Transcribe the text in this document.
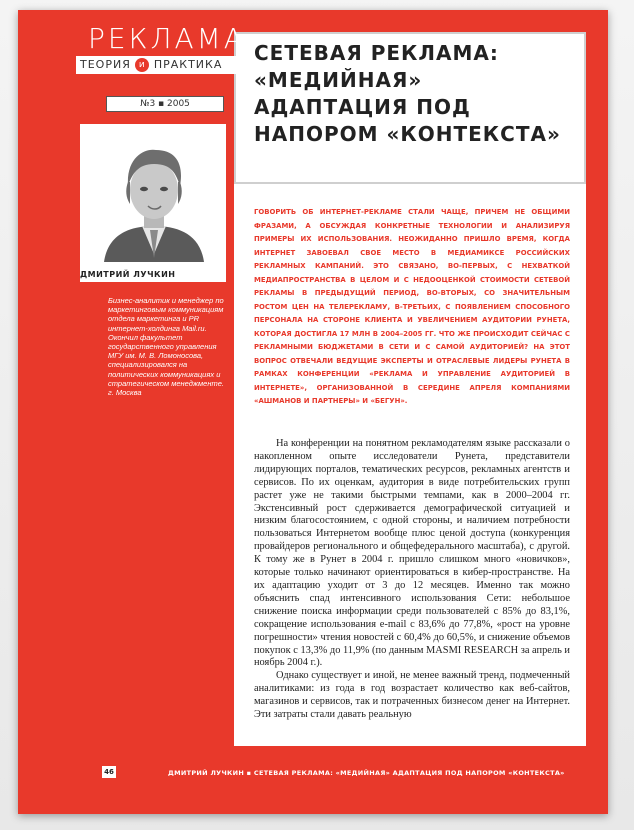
РЕКЛАМА
ТЕОРИЯ и ПРАКТИКА
№3 ▪ 2005
ДМИТРИЙ ЛУЧКИН
Бизнес-аналитик и менеджер по маркетинговым коммуникациям отдела маркетинга и PR интернет-холдинга Mail.ru. Окончил факультет государственного управления МГУ им. М. В. Ломоносова, специализировался на политических коммуникациях и стратегическом менеджменте. г. Москва
СЕТЕВАЯ РЕКЛАМА: «МЕДИЙНАЯ» АДАПТАЦИЯ ПОД НАПОРОМ «КОНТЕКСТА»
ГОВОРИТЬ ОБ ИНТЕРНЕТ-РЕКЛАМЕ СТАЛИ ЧАЩЕ, ПРИЧЕМ НЕ ОБЩИМИ ФРАЗАМИ, А ОБСУЖДАЯ КОНКРЕТНЫЕ ТЕХНОЛОГИИ И АНАЛИЗИРУЯ ПРИМЕРЫ ИХ ИСПОЛЬЗОВАНИЯ. НЕОЖИДАННО ПРИШЛО ВРЕМЯ, КОГДА ИНТЕРНЕТ ЗАВОЕВАЛ СВОЕ МЕСТО В МЕДИАМИКСЕ РОССИЙСКИХ РЕКЛАМНЫХ КАМПАНИЙ. ЭТО СВЯЗАНО, ВО-ПЕРВЫХ, С НЕХВАТКОЙ МЕДИАПРОСТРАНСТВА В ЦЕЛОМ И С НЕДООЦЕНКОЙ СТОИМОСТИ СЕТЕВОЙ РЕКЛАМЫ В ПРЕДЫДУЩИЙ ПЕРИОД, ВО-ВТОРЫХ, СО ЗНАЧИТЕЛЬНЫМ РОСТОМ ЦЕН НА ТЕЛЕРЕКЛАМУ, В-ТРЕТЬИХ, С ПОЯВЛЕНИЕМ СПОСОБНОГО ПЕРСОНАЛА НА СТОРОНЕ КЛИЕНТА И УВЕЛИЧЕНИЕМ АУДИТОРИИ РУНЕТА, КОТОРАЯ ДОСТИГЛА 17 МЛН В 2004–2005 ГГ. ЧТО ЖЕ ПРОИСХОДИТ СЕЙЧАС С РЕКЛАМНЫМИ БЮДЖЕТАМИ В СЕТИ И С САМОЙ АУДИТОРИЕЙ? НА ЭТОТ ВОПРОС ОТВЕЧАЛИ ВЕДУЩИЕ ЭКСПЕРТЫ И ОТРАСЛЕВЫЕ ЛИДЕРЫ РУНЕТА В РАМКАХ КОНФЕРЕНЦИИ «РЕКЛАМА И УПРАВЛЕНИЕ АУДИТОРИЕЙ В ИНТЕРНЕТЕ», ОРГАНИЗОВАННОЙ В СЕРЕДИНЕ АПРЕЛЯ КОМПАНИЯМИ «АШМАНОВ И ПАРТНЕРЫ» И «БЕГУН».

На конференции на понятном рекламодателям языке рассказали о накопленном опыте исследователи Рунета, представители лидирующих порталов, тематических ресурсов, рекламных агентств и сервисов. По их оценкам, аудитория в виде потребительских групп растет уже не такими быстрыми темпами, как в 2000–2004 гг. Экстенсивный рост сдерживается демографической ситуацией и низким благосостоянием, с одной стороны, и наличием потребности пользоваться Интернетом вообще плюс ценой доступа (конкуренция провайдеров регионального и общефедерального масштаба), с другой. К тому же в Рунет в 2004 г. пришло слишком много «новичков», которые только начинают ориентироваться в кибер-пространстве. На их адаптацию уходит от 3 до 12 месяцев. Именно так можно объяснить спад интенсивного использования Сети: небольшое снижение поиска информации среди пользователей с 85% до 83,1%, сокращение использования e-mail с 83,6% до 77,8%, «рост на уровне погрешности» чтения новостей с 60,4% до 60,5%, и снижение объемов покупок с 13,3% до 11,9% (по данным MASMI RESEARCH за апрель и ноябрь 2004 г.).

Однако существует и иной, не менее важный тренд, подмеченный аналитиками: из года в год возрастает количество как веб-сайтов, магазинов и сервисов, так и потраченных бизнесом денег на Интернет. Эти затраты стали давать реальную

46	ДМИТРИЙ ЛУЧКИН ▪ СЕТЕВАЯ РЕКЛАМА: «МЕДИЙНАЯ» АДАПТАЦИЯ ПОД НАПОРОМ «КОНТЕКСТА»
